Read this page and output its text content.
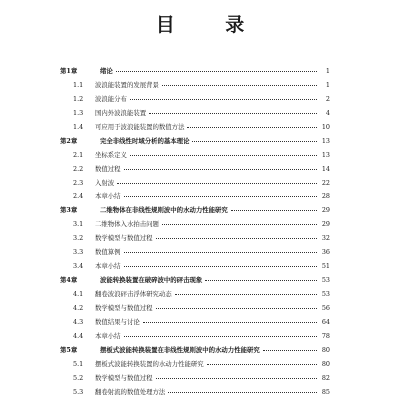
目 录
第1章	绪论	1
1.1	波浪能装置的发展背景	1
1.2	波浪能分布	2
1.3	国内外波浪能装置	4
1.4	可应用于波浪能装置的数值方法	10
第2章	完全非线性时域分析的基本理论	13
2.1	坐标系定义	13
2.2	数值过程	14
2.3	入射波	22
2.4	本章小结	28
第3章	二维物体在非线性规则波中的水动力性能研究	29
3.1	二维物体入水拍击问题	29
3.2	数学模型与数值过程	32
3.3	数值算例	36
3.4	本章小结	51
第4章	波能转换装置在破碎波中的砰击现象	53
4.1	翻卷波浪砰击浮体研究动态	53
4.2	数学模型与数值过程	56
4.3	数值结果与讨论	64
4.4	本章小结	78
第5章	摆板式波能转换装置在非线性规则波中的水动力性能研究	80
5.1	摆板式波能转换装置的水动力性能研究	80
5.2	数学模型与数值过程	82
5.3	翻卷射流的数值处理方法	85
